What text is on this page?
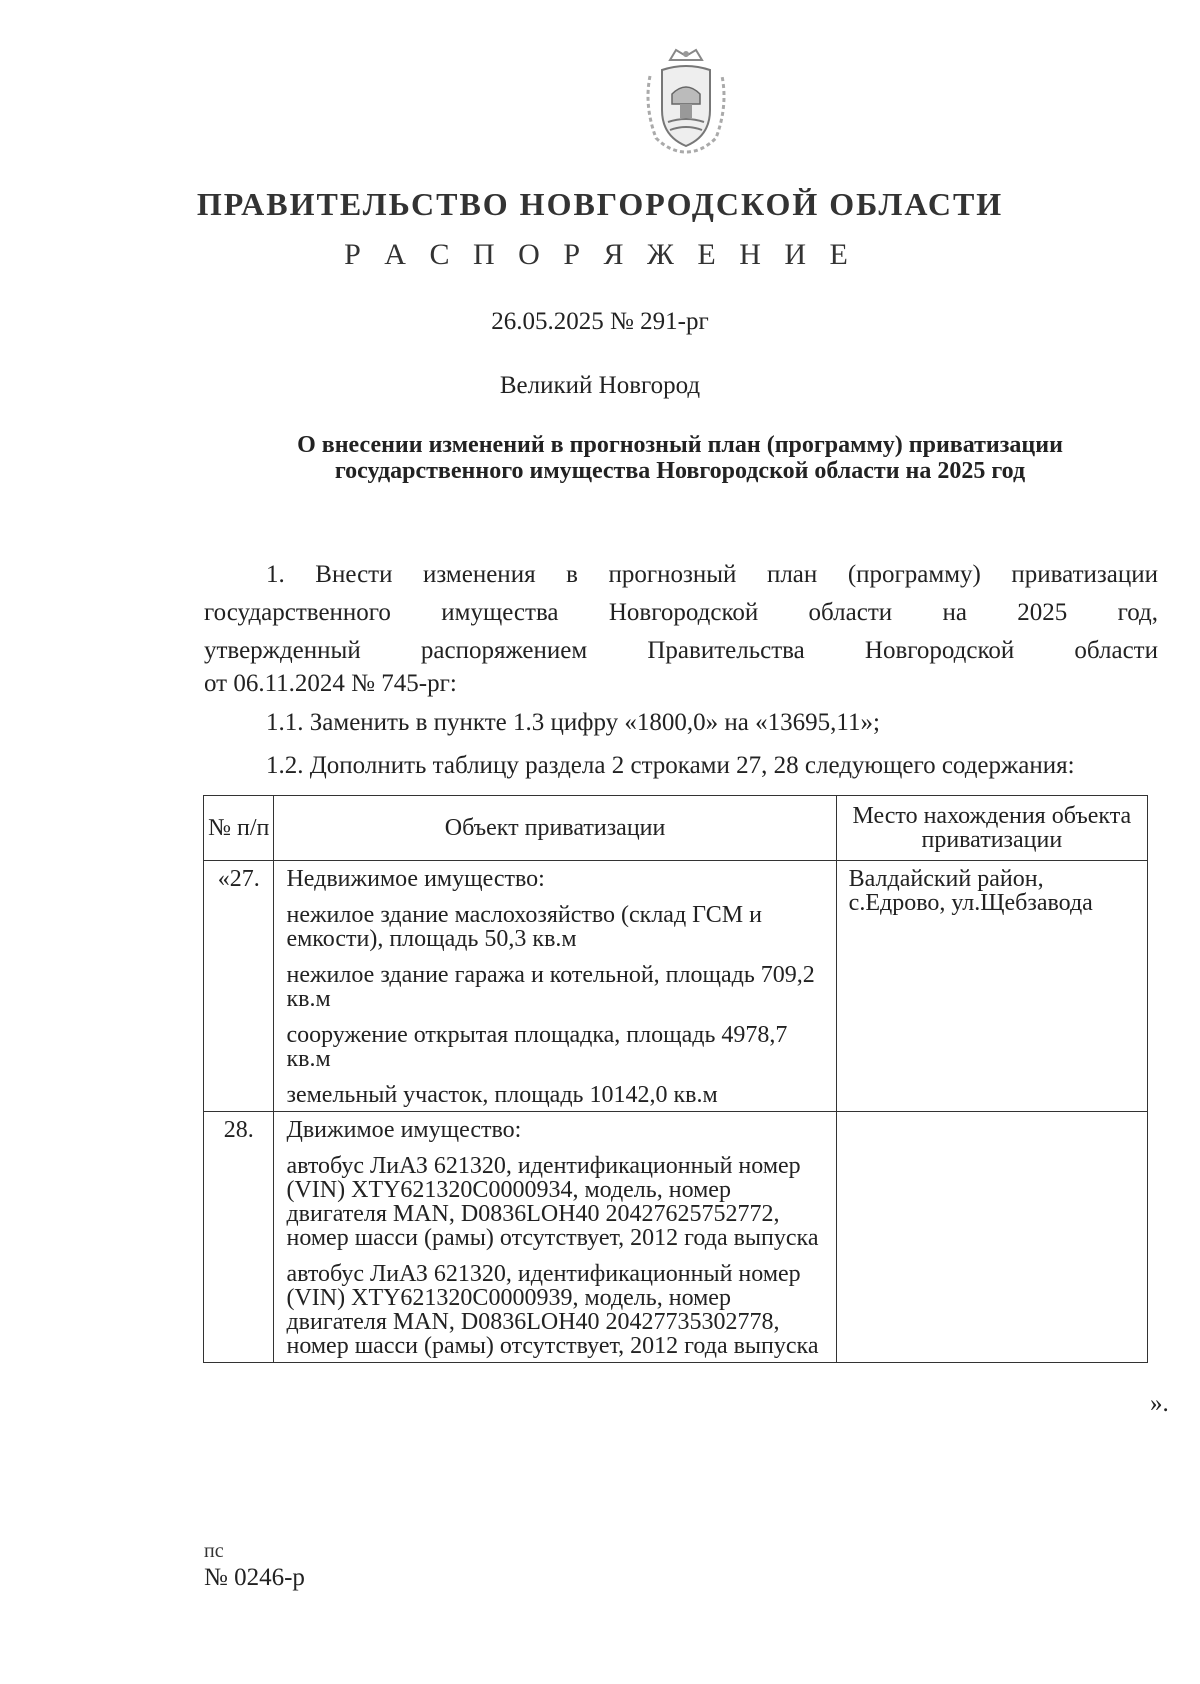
ПРАВИТЕЛЬСТВО НОВГОРОДСКОЙ ОБЛАСТИ
Р А С П О Р Я Ж Е Н И Е
26.05.2025 № 291-рг
Великий Новгород
О внесении изменений в прогнозный план (программу) приватизации
государственного имущества Новгородской области на 2025 год
1. Внести изменения в прогнозный план (программу) приватизации
государственного имущества Новгородской области на 2025 год,
утвержденный распоряжением Правительства Новгородской области
от 06.11.2024 № 745-рг:
1.1. Заменить в пункте 1.3 цифру «1800,0» на «13695,11»;
1.2. Дополнить таблицу раздела 2 строками 27, 28 следующего содержания:
№ п/п	Объект приватизации	Место нахождения объекта приватизации
«27.	Недвижимое имущество:
нежилое здание маслохозяйство (склад ГСМ и емкости), площадь 50,3 кв.м
нежилое здание гаража и котельной, площадь 709,2 кв.м
сооружение открытая площадка, площадь 4978,7 кв.м
земельный участок, площадь 10142,0 кв.м	Валдайский район, с.Едрово, ул.Щебзавода
28.	Движимое имущество:
автобус ЛиАЗ 621320, идентификационный номер (VIN) XTY621320C0000934, модель, номер двигателя MAN, D0836LOH40 20427625752772, номер шасси (рамы) отсутствует, 2012 года выпуска
автобус ЛиАЗ 621320, идентификационный номер (VIN) XTY621320C0000939, модель, номер двигателя MAN, D0836LOH40 20427735302778, номер шасси (рамы) отсутствует, 2012 года выпуска	

».
пс
№ 0246-р
